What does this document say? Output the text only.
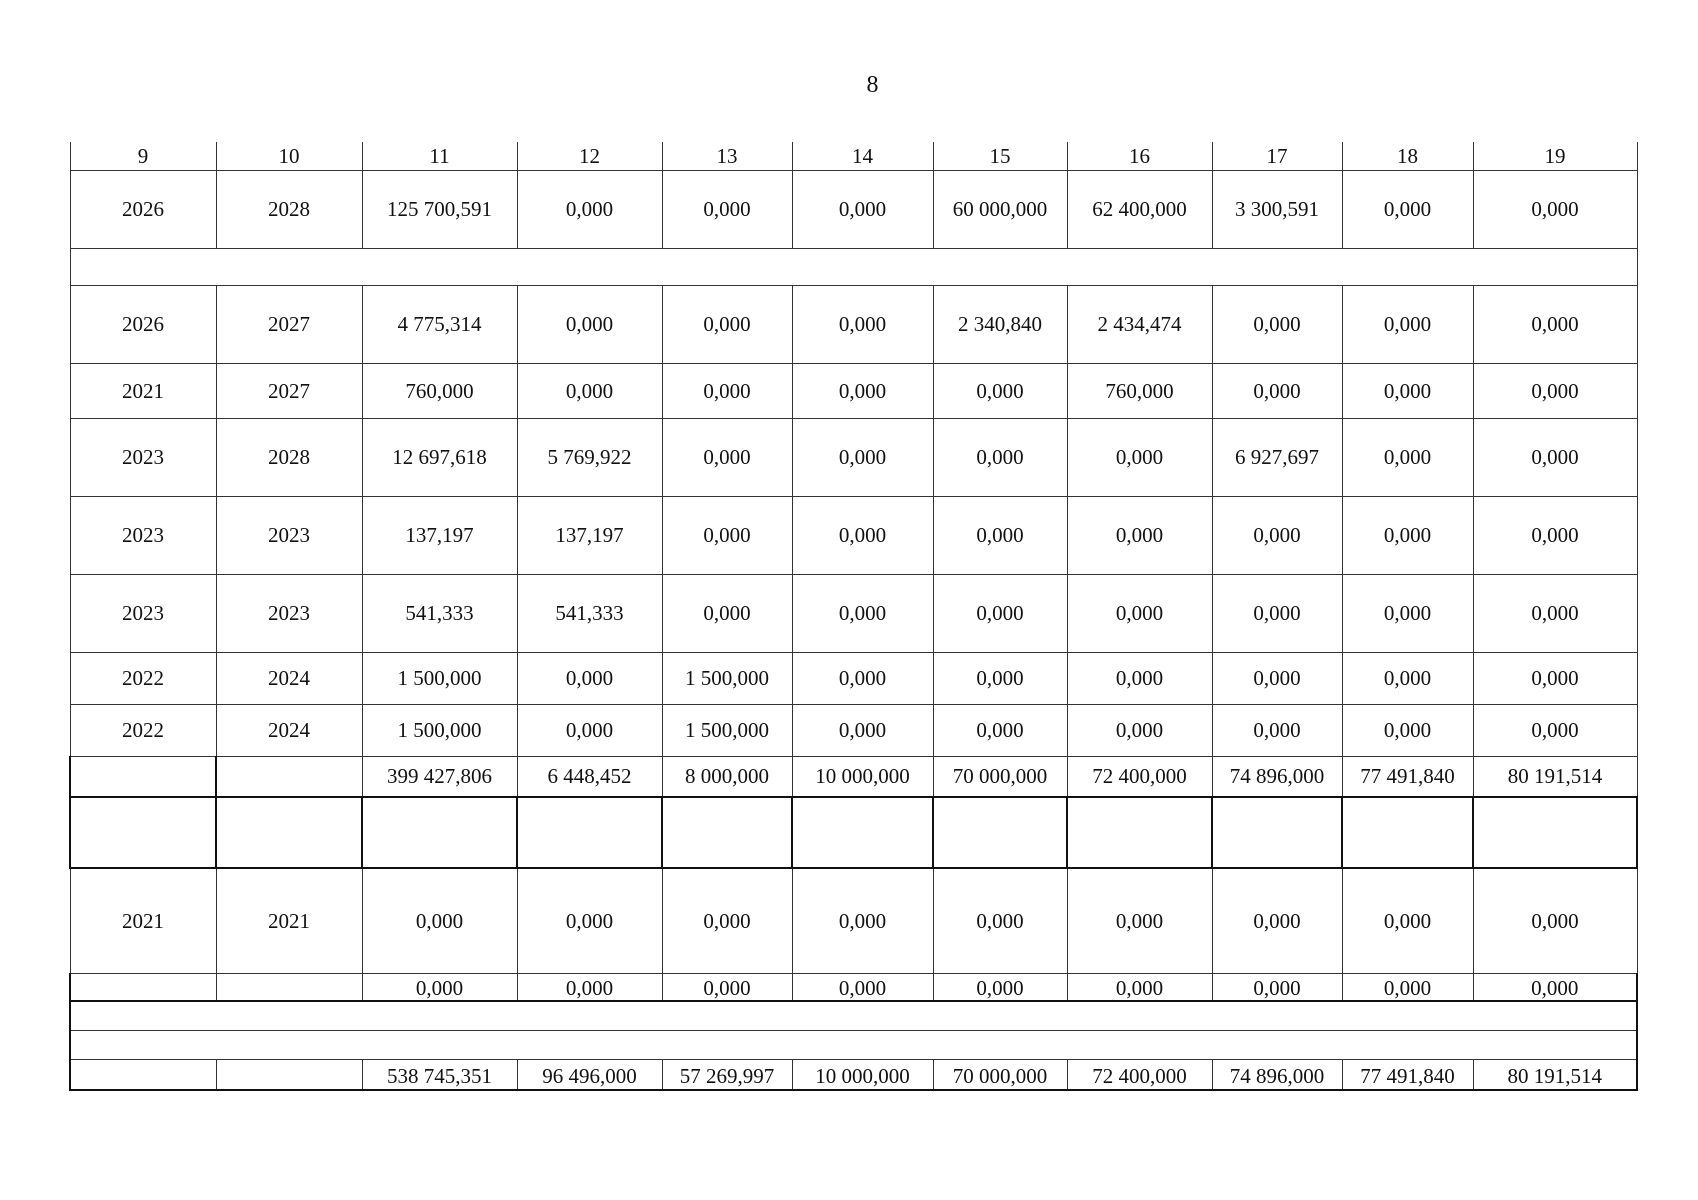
8
9	10	11	12	13	14	15	16	17	18	19
2026	2028	125 700,591	0,000	0,000	0,000	60 000,000	62 400,000	3 300,591	0,000	0,000

2026	2027	4 775,314	0,000	0,000	0,000	2 340,840	2 434,474	0,000	0,000	0,000
2021	2027	760,000	0,000	0,000	0,000	0,000	760,000	0,000	0,000	0,000
2023	2028	12 697,618	5 769,922	0,000	0,000	0,000	0,000	6 927,697	0,000	0,000
2023	2023	137,197	137,197	0,000	0,000	0,000	0,000	0,000	0,000	0,000
2023	2023	541,333	541,333	0,000	0,000	0,000	0,000	0,000	0,000	0,000
2022	2024	1 500,000	0,000	1 500,000	0,000	0,000	0,000	0,000	0,000	0,000
2022	2024	1 500,000	0,000	1 500,000	0,000	0,000	0,000	0,000	0,000	0,000
		399 427,806	6 448,452	8 000,000	10 000,000	70 000,000	72 400,000	74 896,000	77 491,840	80 191,514

2021	2021	0,000	0,000	0,000	0,000	0,000	0,000	0,000	0,000	0,000
		0,000	0,000	0,000	0,000	0,000	0,000	0,000	0,000	0,000

		538 745,351	96 496,000	57 269,997	10 000,000	70 000,000	72 400,000	74 896,000	77 491,840	80 191,514
